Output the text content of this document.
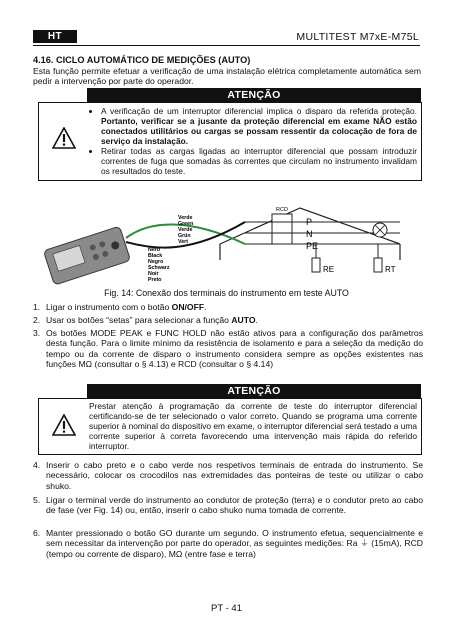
HT	MULTITEST M7xE-M75L
4.16. CICLO AUTOMÁTICO DE MEDIÇÕES (AUTO)
Esta função permite efetuar a verificação de uma instalação elétrica completamente automática sem pedir a intervenção por parte do operador.
ATENÇÃO
• A verificação de um interruptor diferencial implica o disparo da referida proteção. Portanto, verificar se a jusante da proteção diferencial em exame NÃO estão conectados utilitários ou cargas se possam ressentir da colocação de fora de serviço da instalação.
• Retirar todas as cargas ligadas ao interruptor diferencial que possam introduzir correntes de fuga que somadas às correntes que circulam no instrumento invalidam os resultados do teste.
RCD
P
N
PE
RE	RT
Verde
Green
Verde
Grün
Vert
Nero
Black
Negro
Schwarz
Noir
Preto
Fig. 14: Conexão dos terminais do instrumento em teste AUTO
1. Ligar o instrumento com o botão ON/OFF.
2. Usar os botões “setas” para selecionar a função AUTO.
3. Os botões MODE PEAK e FUNC HOLD não estão ativos para a configuração dos parâmetros desta função. Para o limite mínimo da resistência de isolamento e para a seleção da medição do tempo ou da corrente de disparo o instrumento considera sempre as opções existentes nas funções MΩ (consultar o § 4.13) e RCD (consultar o § 4.14)
ATENÇÃO
Prestar atenção à programação da corrente de teste do interruptor diferencial certificando-se de ter selecionado o valor correto. Quando se programa uma corrente superior à nominal do dispositivo em exame, o interruptor diferencial será testado a uma corrente superior à correta favorecendo uma intervenção mais rápida do referido interruptor.
4. Inserir o cabo preto e o cabo verde nos respetivos terminais de entrada do instrumento. Se necessário, colocar os crocodilos nas extremidades das ponteiras de teste ou utilizar o cabo shuko.
5. Ligar o terminal verde do instrumento ao condutor de proteção (terra) e o condutor preto ao cabo de fase (ver Fig. 14) ou, então, inserir o cabo shuko numa tomada de corrente.
6. Manter pressionado o botão GO durante um segundo. O instrumento efetua, sequencialmente e sem necessitar da intervenção por parte do operador, as seguintes medições: Ra ⏚ (15mA), RCD (tempo ou corrente de disparo), MΩ (entre fase e terra)
PT - 41
